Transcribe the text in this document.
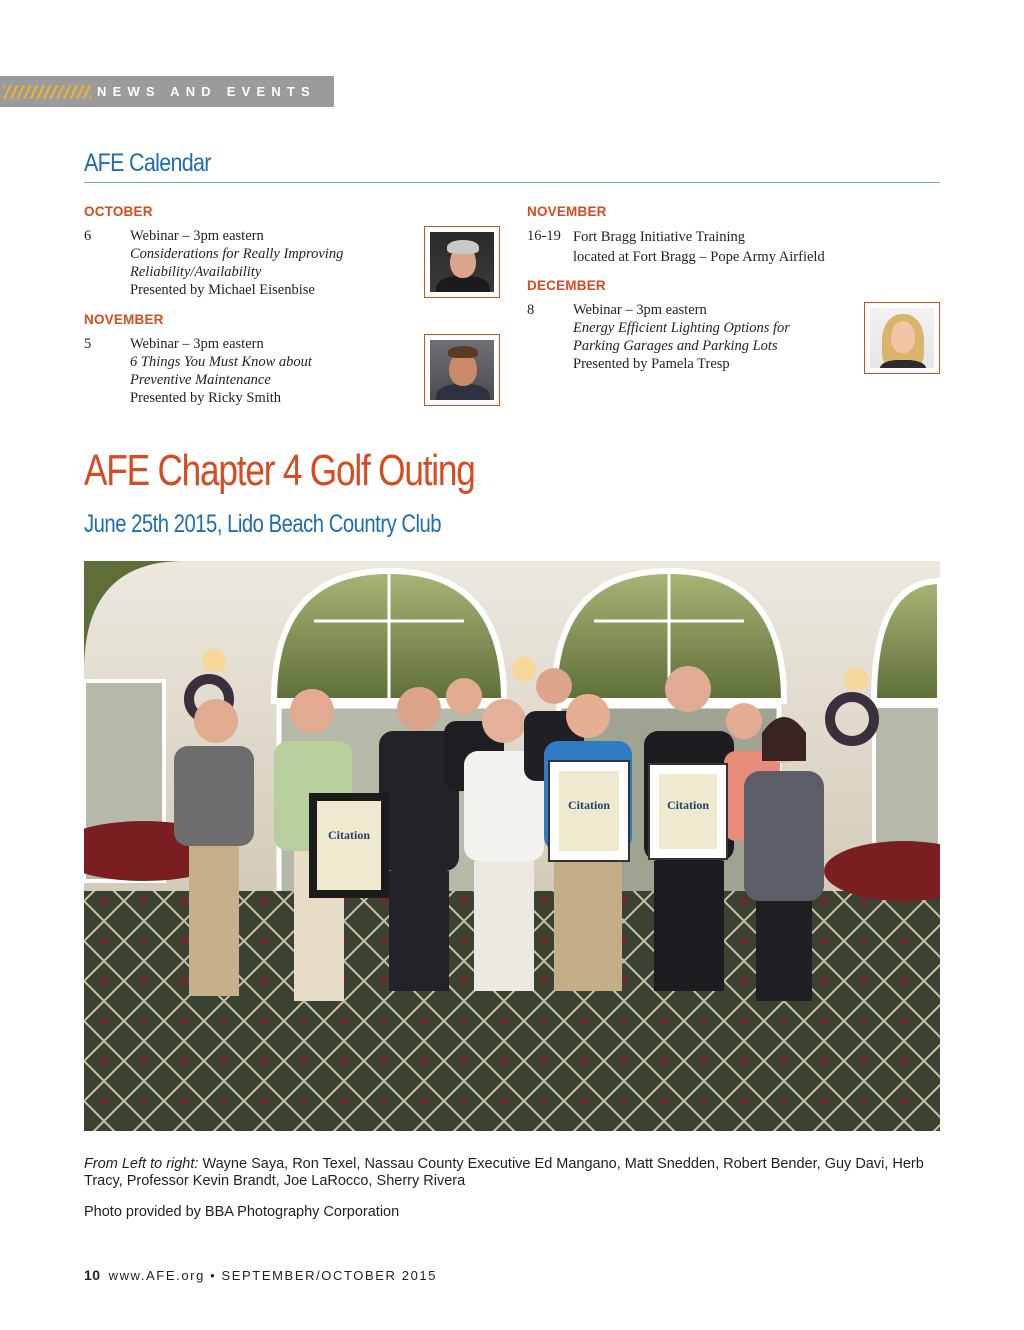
NEWS AND EVENTS
AFE Calendar
OCTOBER
6	Webinar – 3pm eastern
Considerations for Really Improving
Reliability/Availability
Presented by Michael Eisenbise
NOVEMBER
5	Webinar – 3pm eastern
6 Things You Must Know about
Preventive Maintenance
Presented by Ricky Smith
NOVEMBER
16-19 Fort Bragg Initiative Training
located at Fort Bragg – Pope Army Airfield
DECEMBER
8	Webinar – 3pm eastern
Energy Efficient Lighting Options for
Parking Garages and Parking Lots
Presented by Pamela Tresp
AFE Chapter 4 Golf Outing
June 25th 2015, Lido Beach Country Club
Citation
Citation	Citation
From Left to right: Wayne Saya, Ron Texel, Nassau County Executive Ed Mangano, Matt Snedden, Robert Bender, Guy Davi, Herb Tracy, Professor Kevin Brandt, Joe LaRocco, Sherry Rivera
Photo provided by BBA Photography Corporation
10 www.AFE.org • SEPTEMBER/OCTOBER 2015
